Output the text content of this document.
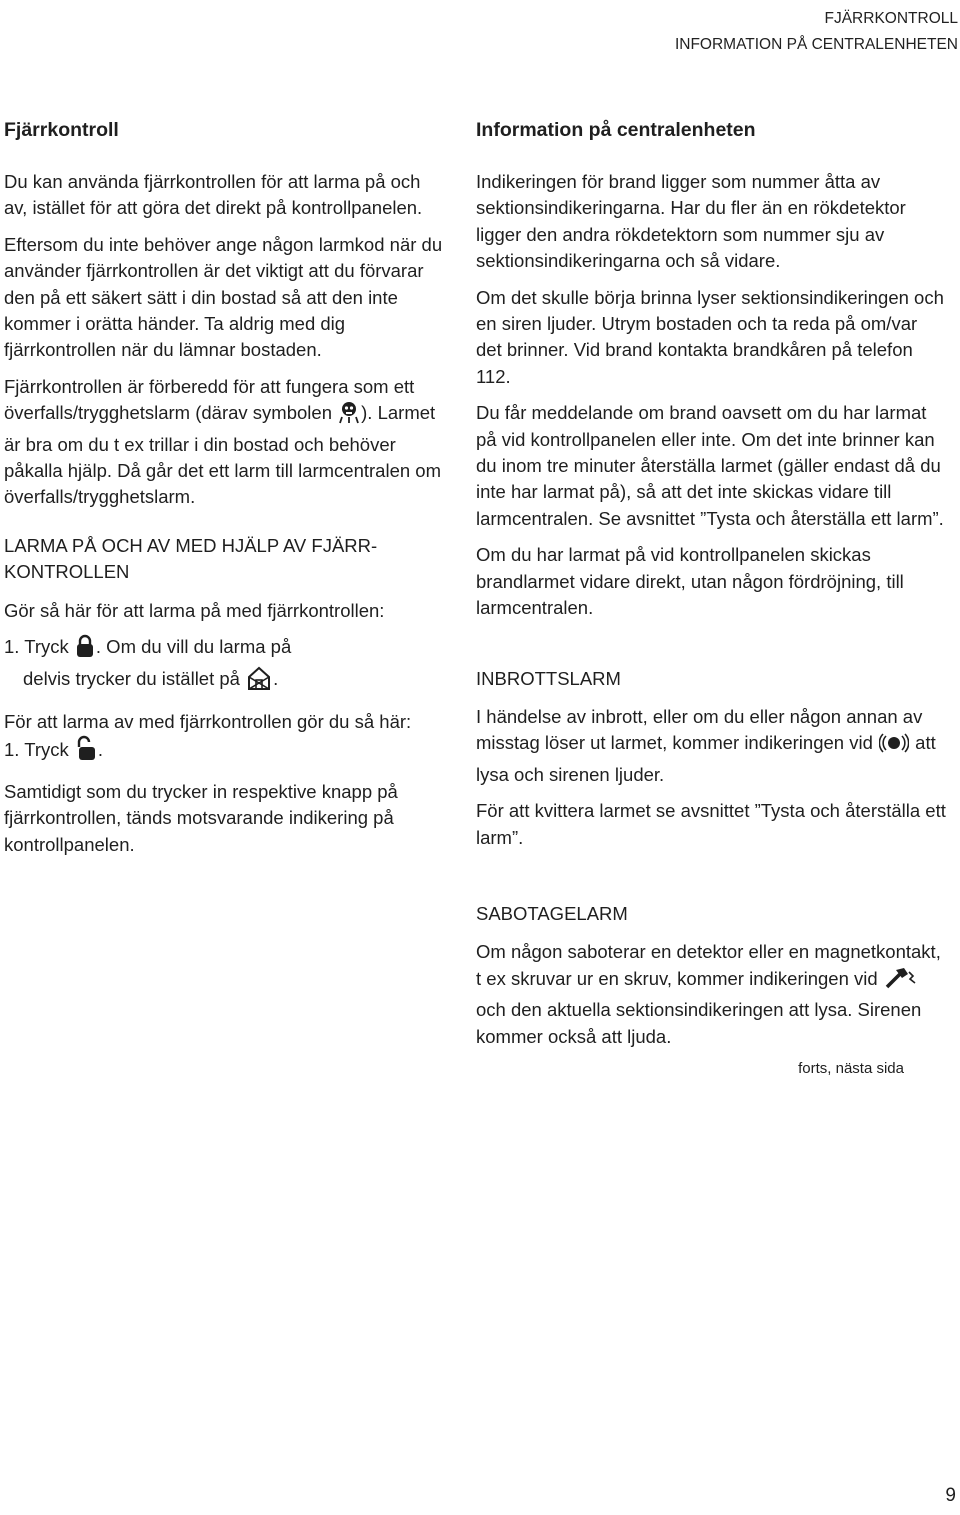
FJÄRRKONTROLL
INFORMATION PÅ CENTRALENHETEN
Fjärrkontroll

Du kan använda fjärrkontrollen för att larma på och av, istället för att göra det direkt på kontrollpanelen.

Eftersom du inte behöver ange någon larmkod när du använder fjärrkontrollen är det viktigt att du förvarar den på ett säkert sätt i din bostad så att den inte kommer i orätta händer. Ta aldrig med dig fjärrkontrollen när du lämnar bostaden.

Fjärrkontrollen är förberedd för att fungera som ett överfalls/trygghetslarm (därav symbolen ). Larmet är bra om du t ex trillar i din bostad och behöver påkalla hjälp. Då går det ett larm till larmcentralen om överfalls/trygghetslarm.

LARMA PÅ OCH AV MED HJÄLP AV FJÄRR-KONTROLLEN

Gör så här för att larma på med fjärrkontrollen:

1. Tryck . Om du vill du larma på

delvis trycker du istället på .

För att larma av med fjärrkontrollen gör du så här:

1. Tryck .

Samtidigt som du trycker in respektive knapp på fjärrkontrollen, tänds motsvarande indikering på kontrollpanelen.

Information på centralenheten

Indikeringen för brand ligger som nummer åtta av sektionsindikeringarna. Har du fler än en rökdetektor ligger den andra rökdetektorn som nummer sju av sektionsindikeringarna och så vidare.

Om det skulle börja brinna lyser sektionsindikeringen och en siren ljuder. Utrym bostaden och ta reda på om/var det brinner. Vid brand kontakta brandkåren på telefon 112.

Du får meddelande om brand oavsett om du har larmat på vid kontrollpanelen eller inte. Om det inte brinner kan du inom tre minuter återställa larmet (gäller endast då du inte har larmat på), så att det inte skickas vidare till larmcentralen. Se avsnittet ”Tysta och återställa ett larm”.

Om du har larmat på vid kontrollpanelen skickas brandlarmet vidare direkt, utan någon fördröjning, till larmcentralen.

INBROTTSLARM

I händelse av inbrott, eller om du eller någon annan av misstag löser ut larmet, kommer indikeringen vid att lysa och sirenen ljuder.

För att kvittera larmet se avsnittet ”Tysta och återställa ett larm”.

SABOTAGELARM

Om någon saboterar en detektor eller en magnetkontakt, t ex skruvar ur en skruv, kommer indikeringen vid  och den aktuella sektionsindikeringen att lysa. Sirenen kommer också att ljuda.

forts, nästa sida
9
